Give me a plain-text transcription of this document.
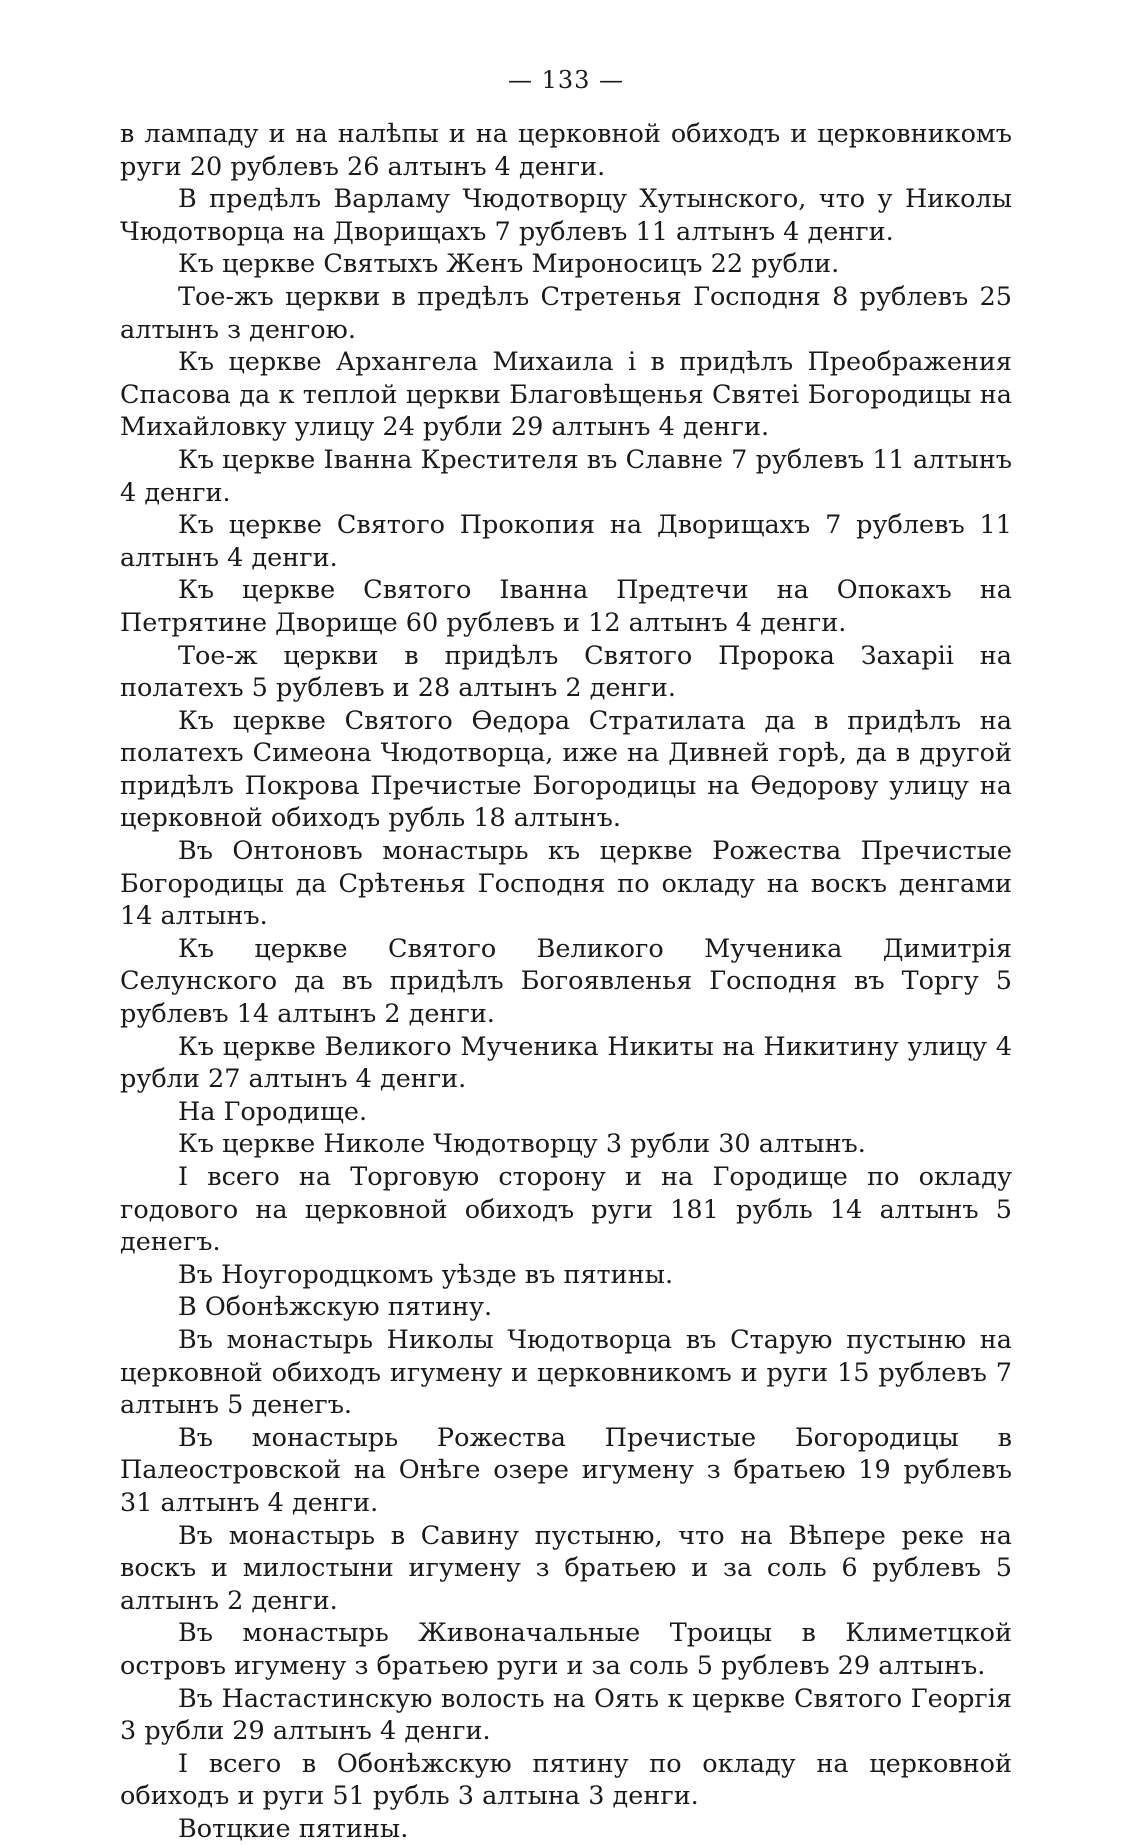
— 133 —

в лампаду и на налѣпы и на церковной обиходъ и церковникомъ руги 20 рублевъ 26 алтынъ 4 денги.

В предѣлъ Варламу Чюдотворцу Хутынского, что у Николы Чюдотворца на Дворищахъ 7 рублевъ 11 алтынъ 4 денги.

Къ церкве Святыхъ Женъ Мироносицъ 22 рубли.

Тое-жъ церкви в предѣлъ Стретенья Господня 8 рублевъ 25 алтынъ з денгою.

Къ церкве Архангела Михаила і в придѣлъ Преображения Спасова да к теплой церкви Благовѣщенья Святеі Богородицы на Михайловку улицу 24 рубли 29 алтынъ 4 денги.

Къ церкве Іванна Крестителя въ Славне 7 рублевъ 11 алтынъ 4 денги.

Къ церкве Святого Прокопия на Дворищахъ 7 рублевъ 11 алтынъ 4 денги.

Къ церкве Святого Іванна Предтечи на Опокахъ на Петрятине Дворище 60 рублевъ и 12 алтынъ 4 денги.

Тое-ж церкви в придѣлъ Святого Пророка Захаріі на полатехъ 5 рублевъ и 28 алтынъ 2 денги.

Къ церкве Святого Өедора Стратилата да в придѣлъ на полатехъ Симеона Чюдотворца, иже на Дивней горѣ, да в другой придѣлъ Покрова Пречистые Богородицы на Өедорову улицу на церковной обиходъ рубль 18 алтынъ.

Въ Онтоновъ монастырь къ церкве Рожества Пречистые Богородицы да Срѣтенья Господня по окладу на воскъ денгами 14 алтынъ.

Къ церкве Святого Великого Мученика Димитрія Селунского да въ придѣлъ Богоявленья Господня въ Торгу 5 рублевъ 14 алтынъ 2 денги.

Къ церкве Великого Мученика Никиты на Никитину улицу 4 рубли 27 алтынъ 4 денги.

На Городище.

Къ церкве Николе Чюдотворцу 3 рубли 30 алтынъ.

І всего на Торговую сторону и на Городище по окладу годового на церковной обиходъ руги 181 рубль 14 алтынъ 5 денегъ.

Въ Ноугородцкомъ уѣзде въ пятины.

В Обонѣжскую пятину.

Въ монастырь Николы Чюдотворца въ Старую пустыню на церковной обиходъ игумену и церковникомъ и руги 15 рублевъ 7 алтынъ 5 денегъ.

Въ монастырь Рожества Пречистые Богородицы в Палеостровской на Онѣге озере игумену з братьею 19 рублевъ 31 алтынъ 4 денги.

Въ монастырь в Савину пустыню, что на Вѣпере реке на воскъ и милостыни игумену з братьею и за соль 6 рублевъ 5 алтынъ 2 денги.

Въ монастырь Живоначальные Троицы в Климетцкой островъ игумену з братьею руги и за соль 5 рублевъ 29 алтынъ.

Въ Настастинскую волость на Оять к церкве Святого Георгія 3 рубли 29 алтынъ 4 денги.

І всего в Обонѣжскую пятину по окладу на церковной обиходъ и руги 51 рубль 3 алтына 3 денги.

Вотцкие пятины.
